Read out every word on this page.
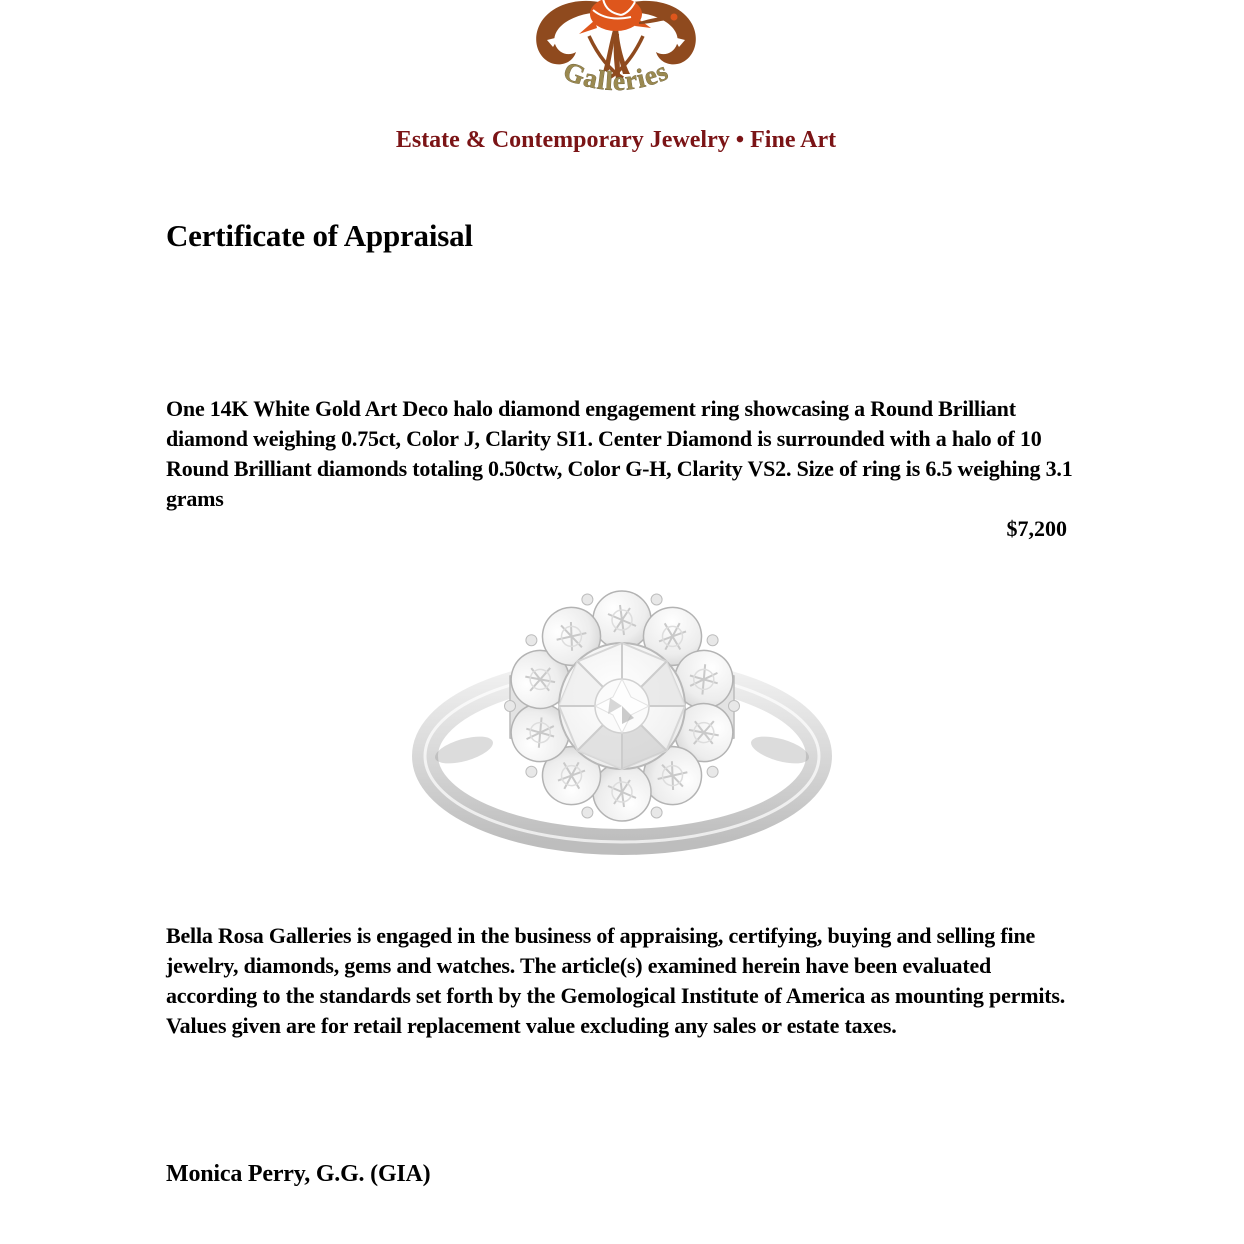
Galleries
Estate & Contemporary Jewelry • Fine Art
Certificate of Appraisal

One 14K White Gold Art Deco halo diamond engagement ring showcasing a Round Brilliant diamond weighing 0.75ct, Color J, Clarity SI1. Center Diamond is surrounded with a halo of 10 Round Brilliant diamonds totaling 0.50ctw, Color G-H, Clarity VS2. Size of ring is 6.5 weighing 3.1 grams

$7,200

Bella Rosa Galleries is engaged in the business of appraising, certifying, buying and selling fine jewelry, diamonds, gems and watches. The article(s) examined herein have been evaluated according to the standards set forth by the Gemological Institute of America as mounting permits. Values given are for retail replacement value excluding any sales or estate taxes.

Monica Perry, G.G. (GIA)
